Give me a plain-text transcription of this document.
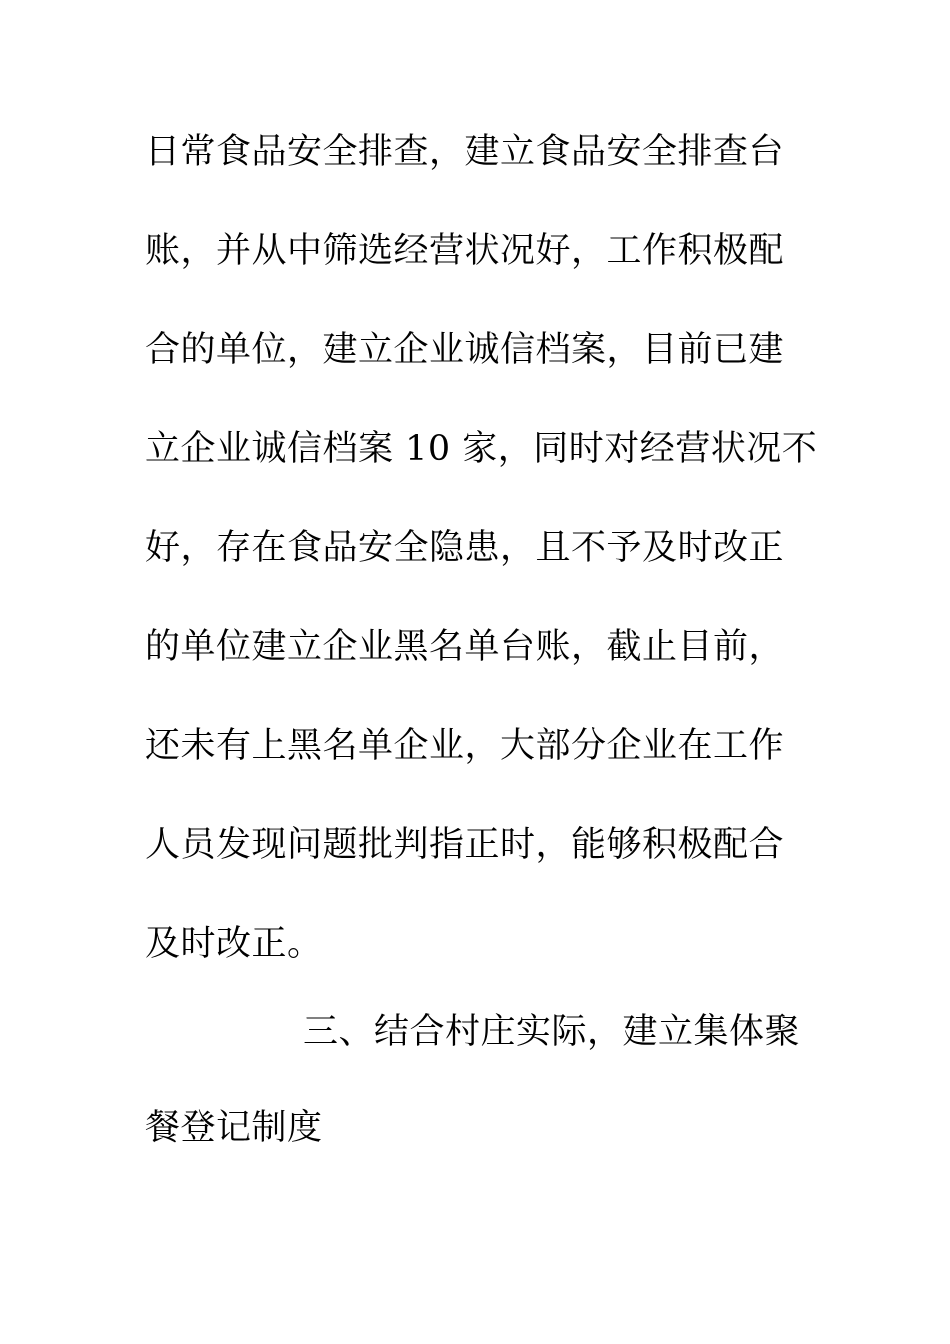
日常食品安全排查，建立食品安全排查台
账，并从中筛选经营状况好，工作积极配
合的单位，建立企业诚信档案，目前已建
立企业诚信档案 10 家，同时对经营状况不
好，存在食品安全隐患，且不予及时改正
的单位建立企业黑名单台账，截止目前，
还未有上黑名单企业，大部分企业在工作
人员发现问题批判指正时，能够积极配合
及时改正。
三、结合村庄实际，建立集体聚
餐登记制度
